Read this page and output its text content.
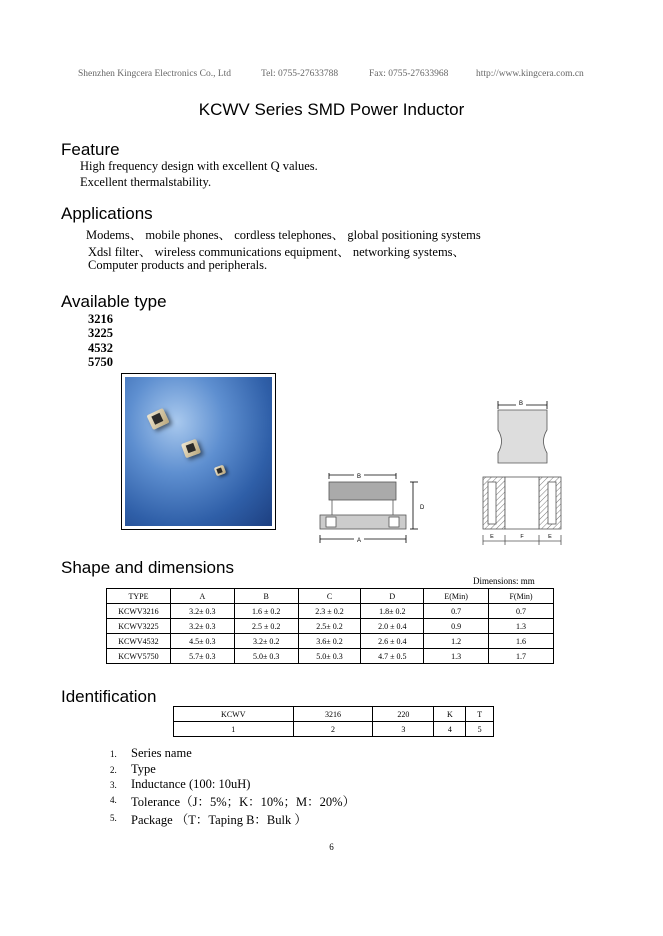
Shenzhen Kingcera Electronics Co., Ltd	Tel: 0755-27633788	Fax: 0755-27633968	http://www.kingcera.com.cn
KCWV Series SMD Power Inductor
Feature
High frequency design with excellent Q values.
Excellent thermalstability.
Applications
Modems、 mobile phones、 cordless telephones、 global positioning systems
Xdsl filter、 wireless communications equipment、 networking systems、
Computer products and peripherals.
Available type
3216
3225
4532
5750
B
A
D
B
E	F	E
Shape and dimensions
Dimensions: mm
TYPE	A	B	C	D	E(Min)	F(Min)
KCWV3216	3.2± 0.3	1.6 ± 0.2	2.3 ± 0.2	1.8± 0.2	0.7	0.7
KCWV3225	3.2± 0.3	2.5 ± 0.2	2.5± 0.2	2.0 ± 0.4	0.9	1.3
KCWV4532	4.5± 0.3	3.2± 0.2	3.6± 0.2	2.6 ± 0.4	1.2	1.6
KCWV5750	5.7± 0.3	5.0± 0.3	5.0± 0.3	4.7 ± 0.5	1.3	1.7
Identification
KCWV	3216	220	K	T
1	2	3	4	5
1. Series name
2. Type
3. Inductance (100: 10uH)
4. Tolerance（J：5%；K：10%；M：20%）
5. Package （T：Taping B：Bulk ）
6
